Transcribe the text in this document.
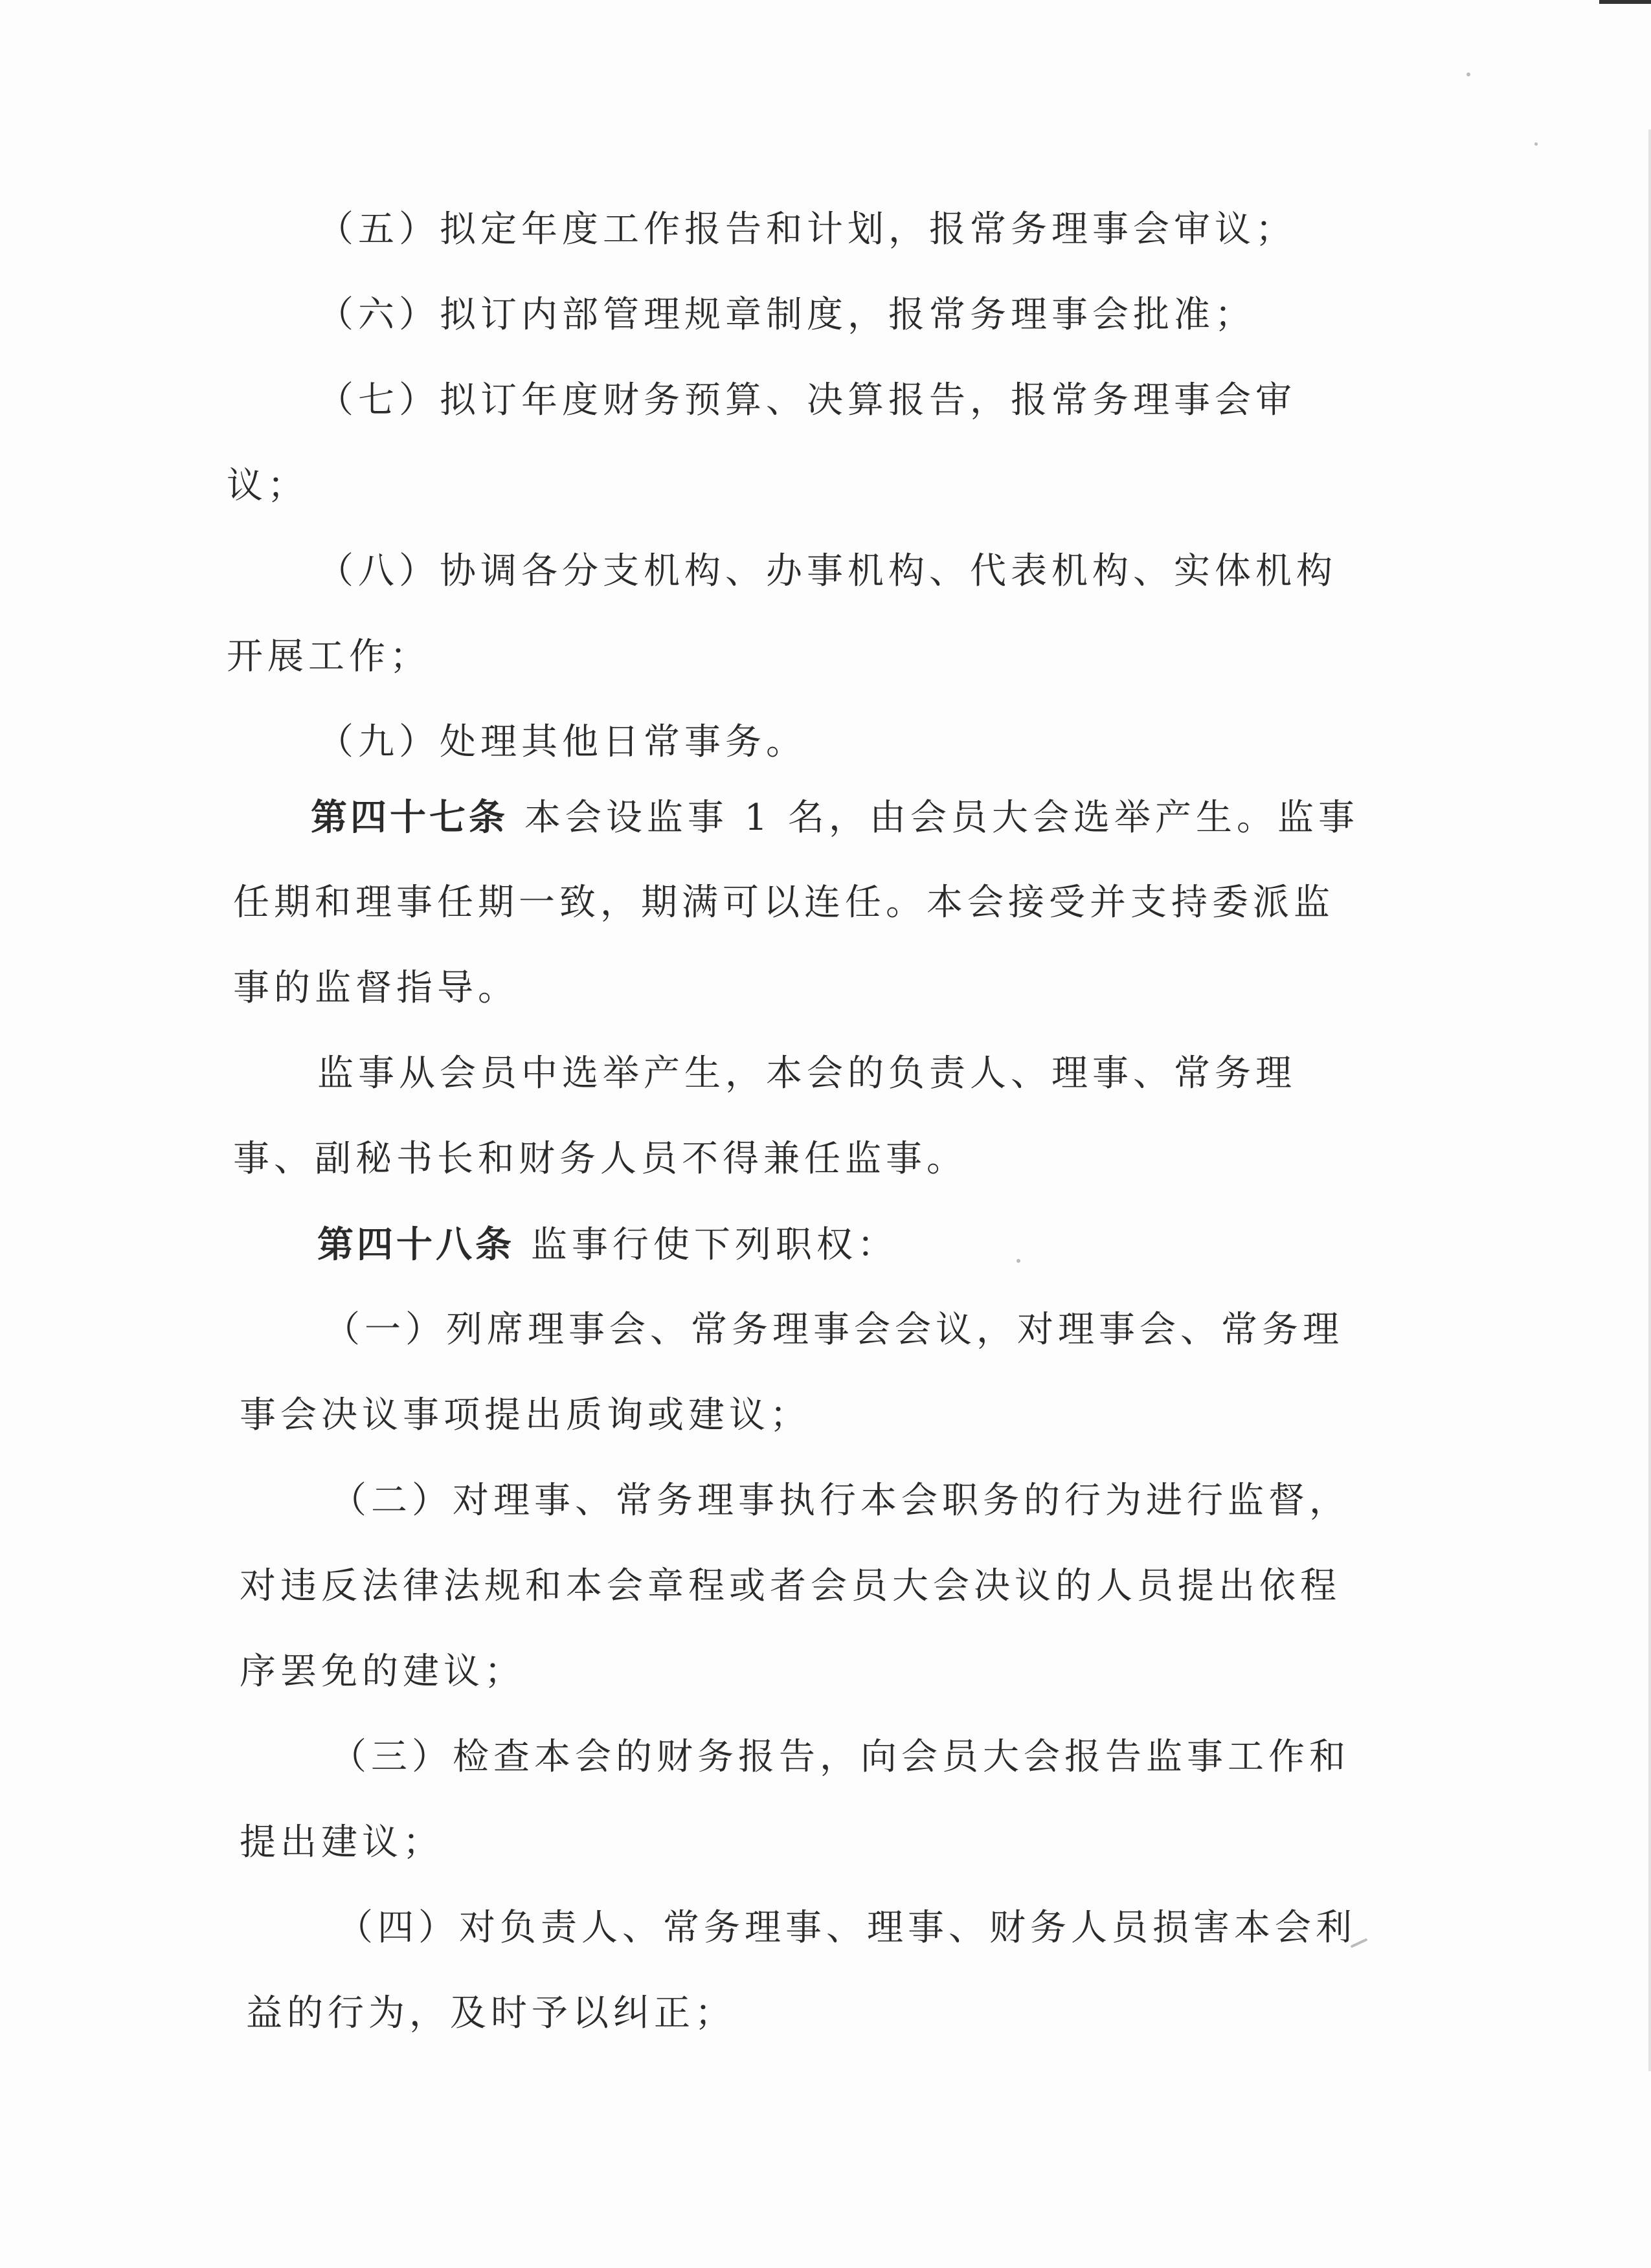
（五）拟定年度工作报告和计划，报常务理事会审议；

（六）拟订内部管理规章制度，报常务理事会批准；

（七）拟订年度财务预算、决算报告，报常务理事会审

议；

（八）协调各分支机构、办事机构、代表机构、实体机构

开展工作；

（九）处理其他日常事务。

第四十七条 本会设监事 1 名，由会员大会选举产生。监事

任期和理事任期一致，期满可以连任。本会接受并支持委派监

事的监督指导。

监事从会员中选举产生，本会的负责人、理事、常务理

事、副秘书长和财务人员不得兼任监事。

第四十八条 监事行使下列职权：

（一）列席理事会、常务理事会会议，对理事会、常务理

事会决议事项提出质询或建议；

（二）对理事、常务理事执行本会职务的行为进行监督，

对违反法律法规和本会章程或者会员大会决议的人员提出依程

序罢免的建议；

（三）检查本会的财务报告，向会员大会报告监事工作和

提出建议；

（四）对负责人、常务理事、理事、财务人员损害本会利

益的行为，及时予以纠正；
